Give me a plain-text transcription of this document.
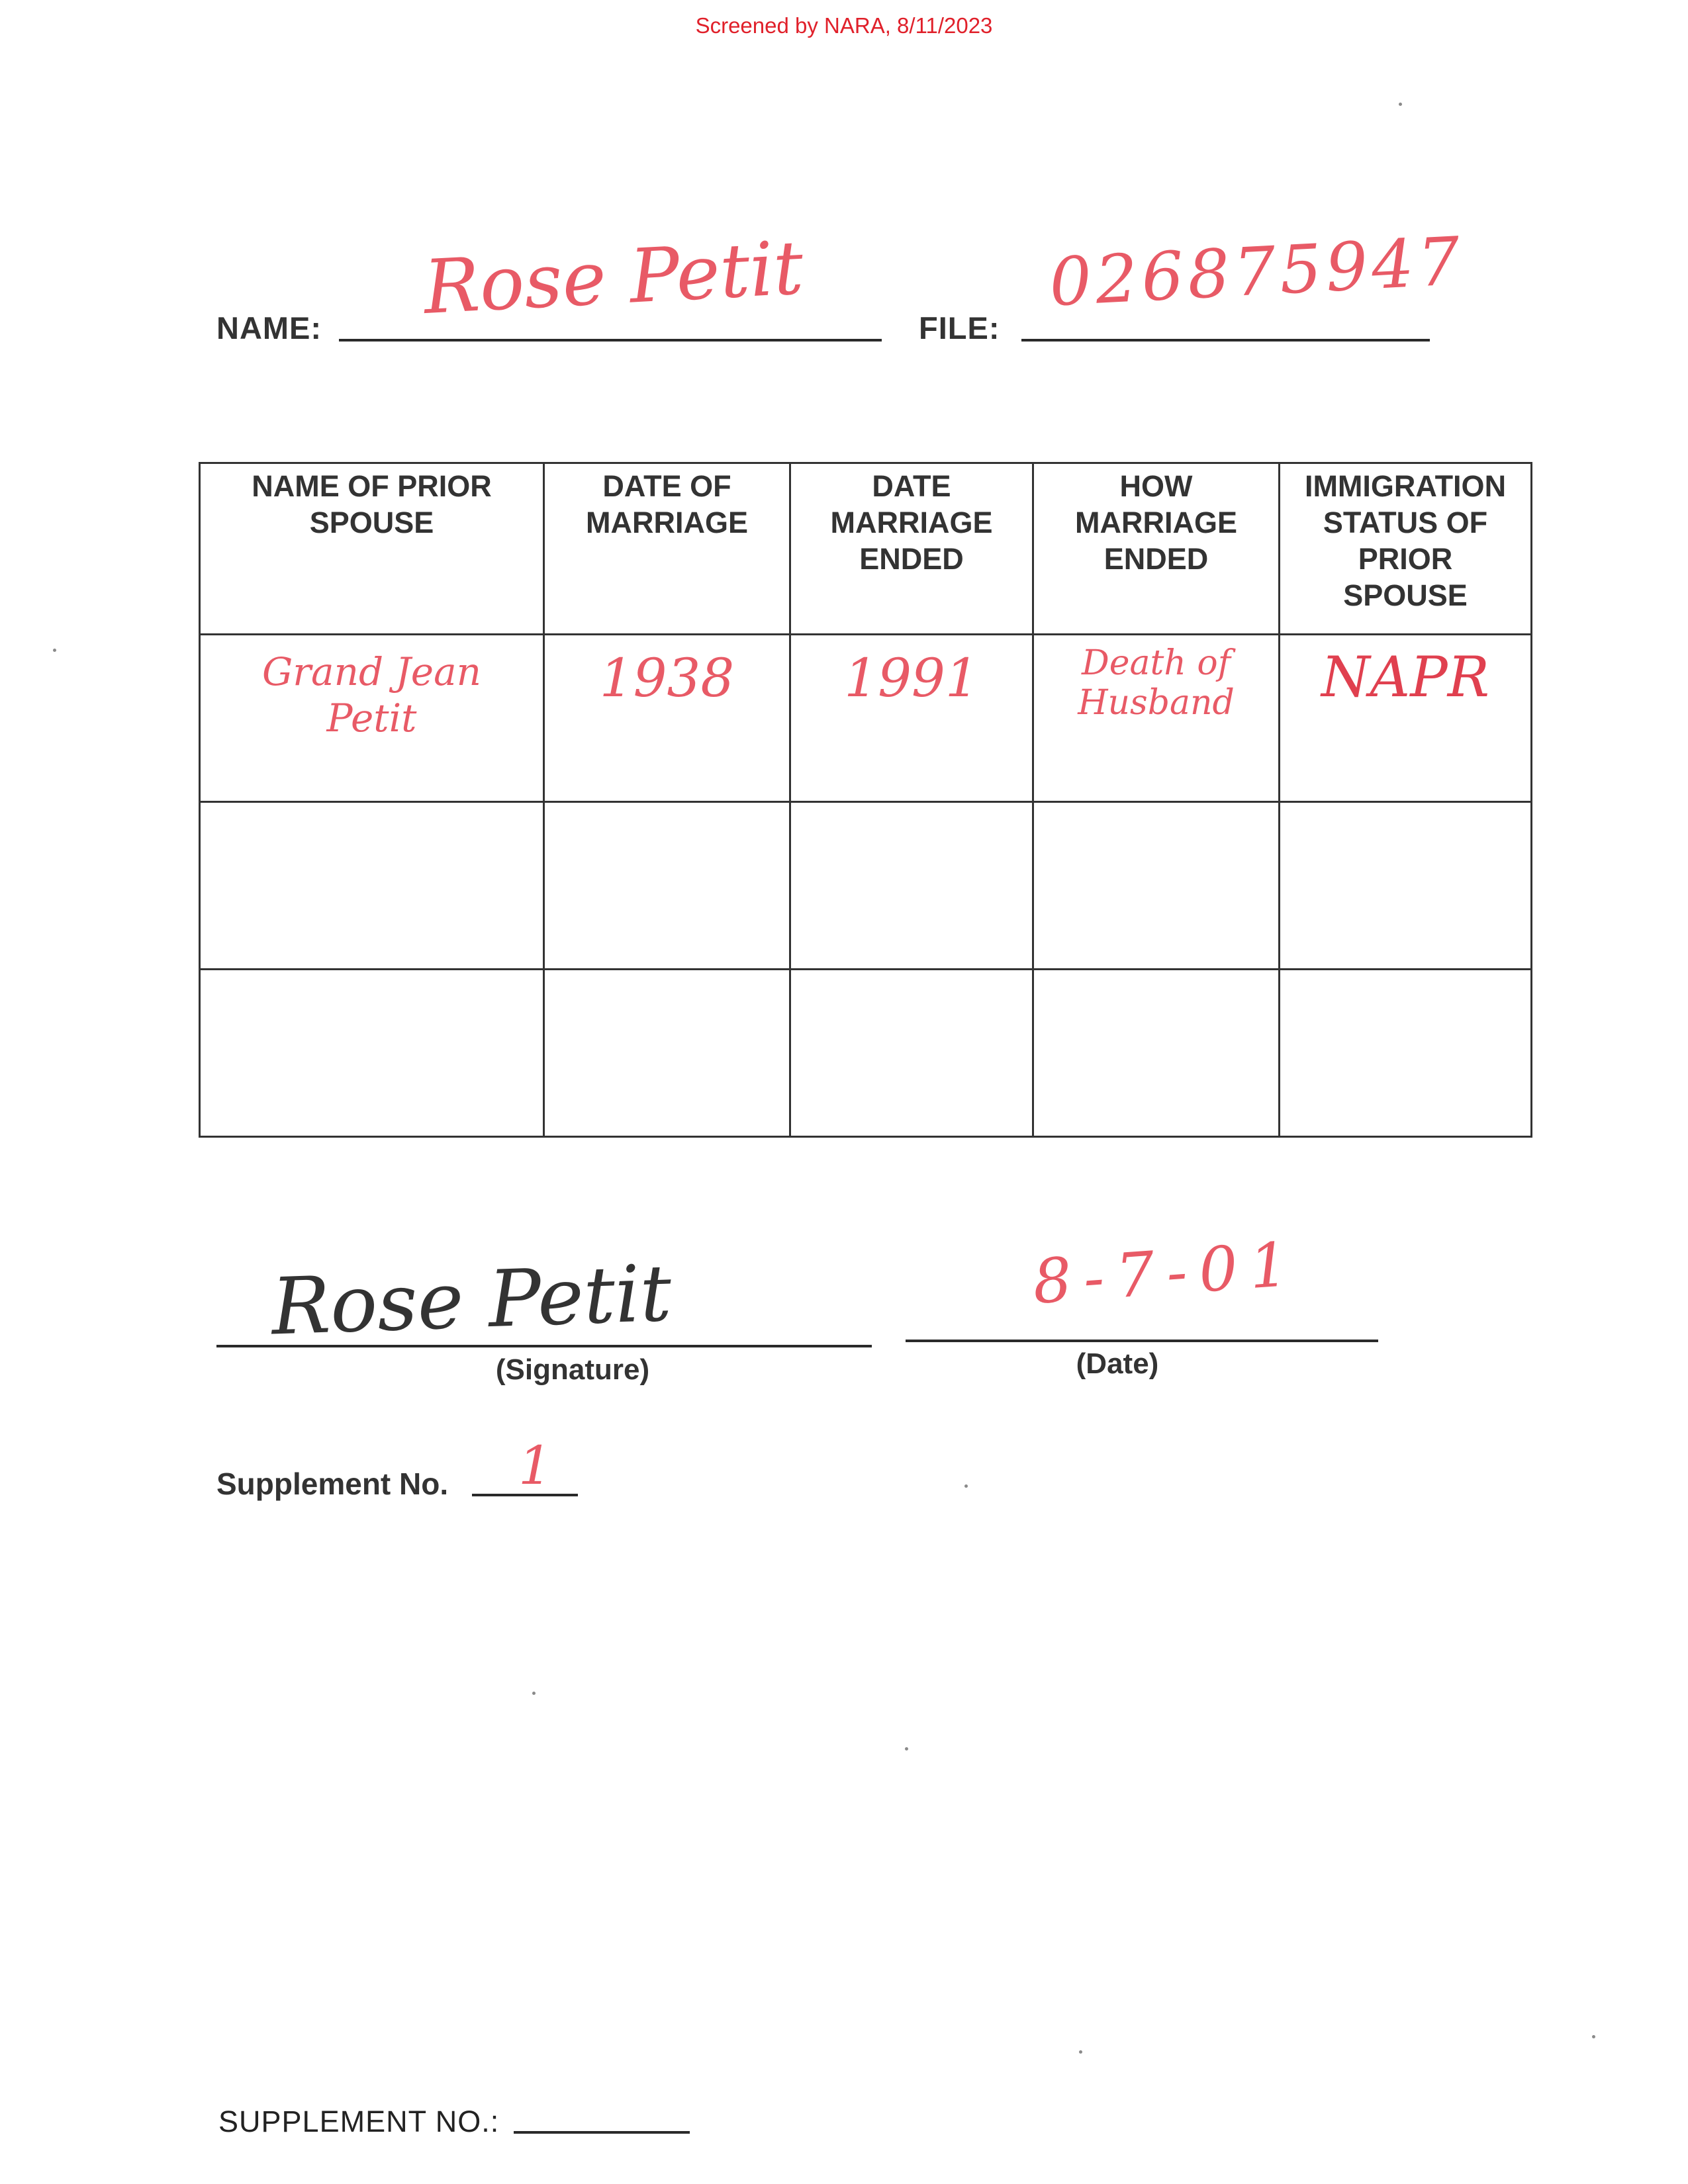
Screened by NARA, 8/11/2023
NAME: Rose Petit	FILE:
026875947
NAME OF PRIOR SPOUSE	DATE OF MARRIAGE	DATE MARRIAGE ENDED	HOW MARRIAGE ENDED	IMMIGRATION STATUS OF PRIOR SPOUSE

Grand Jean Petit	1938	1991	Death of Husband	NAPR

Rose Petit
(Signature)
8-7-01
(Date)
Supplement No. 1
SUPPLEMENT NO.:
